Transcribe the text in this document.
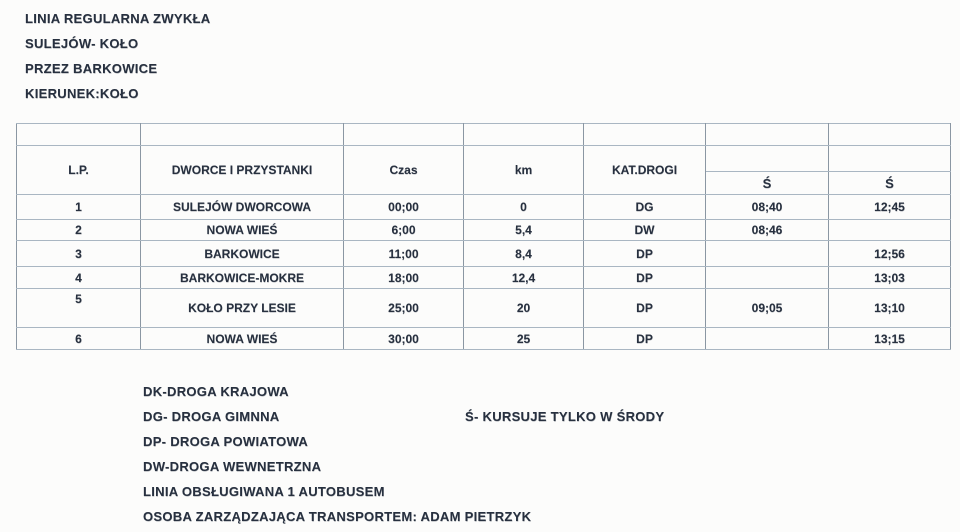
LINIA REGULARNA ZWYKŁA
SULEJÓW- KOŁO
PRZEZ BARKOWICE
KIERUNEK:KOŁO

L.P.	DWORCE I PRZYSTANKI	Czas	km	KAT.DROGI		
					Ś	Ś
1	SULEJÓW DWORCOWA	00;00	0	DG	08;40	12;45
2	NOWA WIEŚ	6;00	5,4	DW	08;46	
3	BARKOWICE	11;00	8,4	DP		12;56
4	BARKOWICE-MOKRE	18;00	12,4	DP		13;03
5	KOŁO PRZY LESIE	25;00	20	DP	09;05	13;10
6	NOWA WIEŚ	30;00	25	DP		13;15
DK-DROGA KRAJOWA
DG- DROGA GIMNNA	Ś- KURSUJE TYLKO W ŚRODY
DP- DROGA POWIATOWA
DW-DROGA WEWNETRZNA
LINIA OBSŁUGIWANA 1 AUTOBUSEM
OSOBA ZARZĄDZAJĄCA TRANSPORTEM: ADAM PIETRZYK
